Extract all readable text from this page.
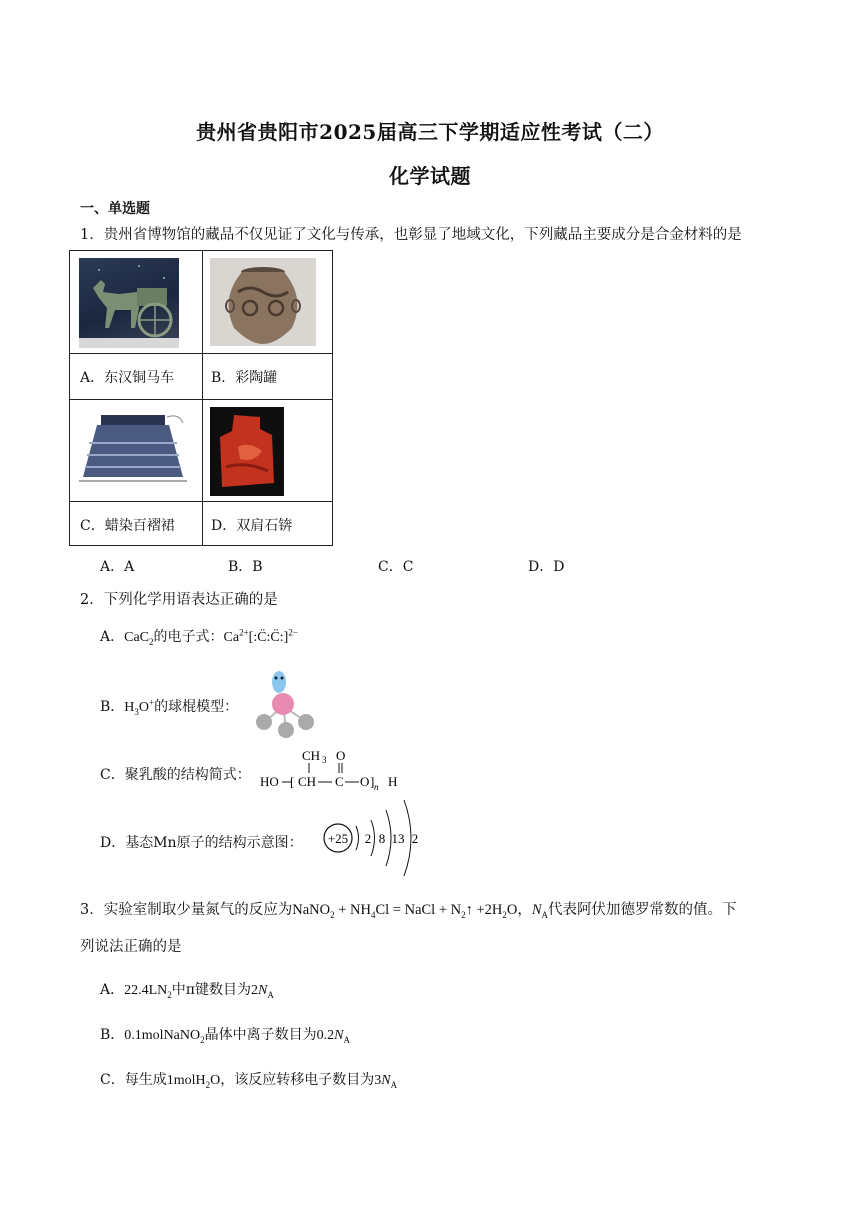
贵州省贵阳市2025届高三下学期适应性考试（二）
化学试题
一、单选题
1．贵州省博物馆的藏品不仅见证了文化与传承，也彰显了地域文化，下列藏品主要成分是合金材料的是
A．东汉铜马车	B．彩陶罐
C．蜡染百褶裙	D．双肩石锛
A．A	B．B	C．C	D．D
2．下列化学用语表达正确的是
A．CaC$_2$的电子式：$Ca^{2+}[:C̈:C̈:]^{2-}$
B．$H_3O^+$的球棍模型：
C．聚乳酸的结构简式：
CH 3 O
HO [ CH C O ] n H
D．基态Mn原子的结构示意图： +25 2 8 13 2
3．实验室制取少量氮气的反应为NaNO$_2$ + $NH_4Cl$ = NaCl + $N_2↑ +2H_2O$，$N_A$代表阿伏加德罗常数的值。下
列说法正确的是
A．$22.4LN_2$中π键数目为$2N_A$
B．0.1molNaNO$_2$晶体中离子数目为$0.2N_A$
C．每生成1molH$_2$O，该反应转移电子数目为$3N_A$
